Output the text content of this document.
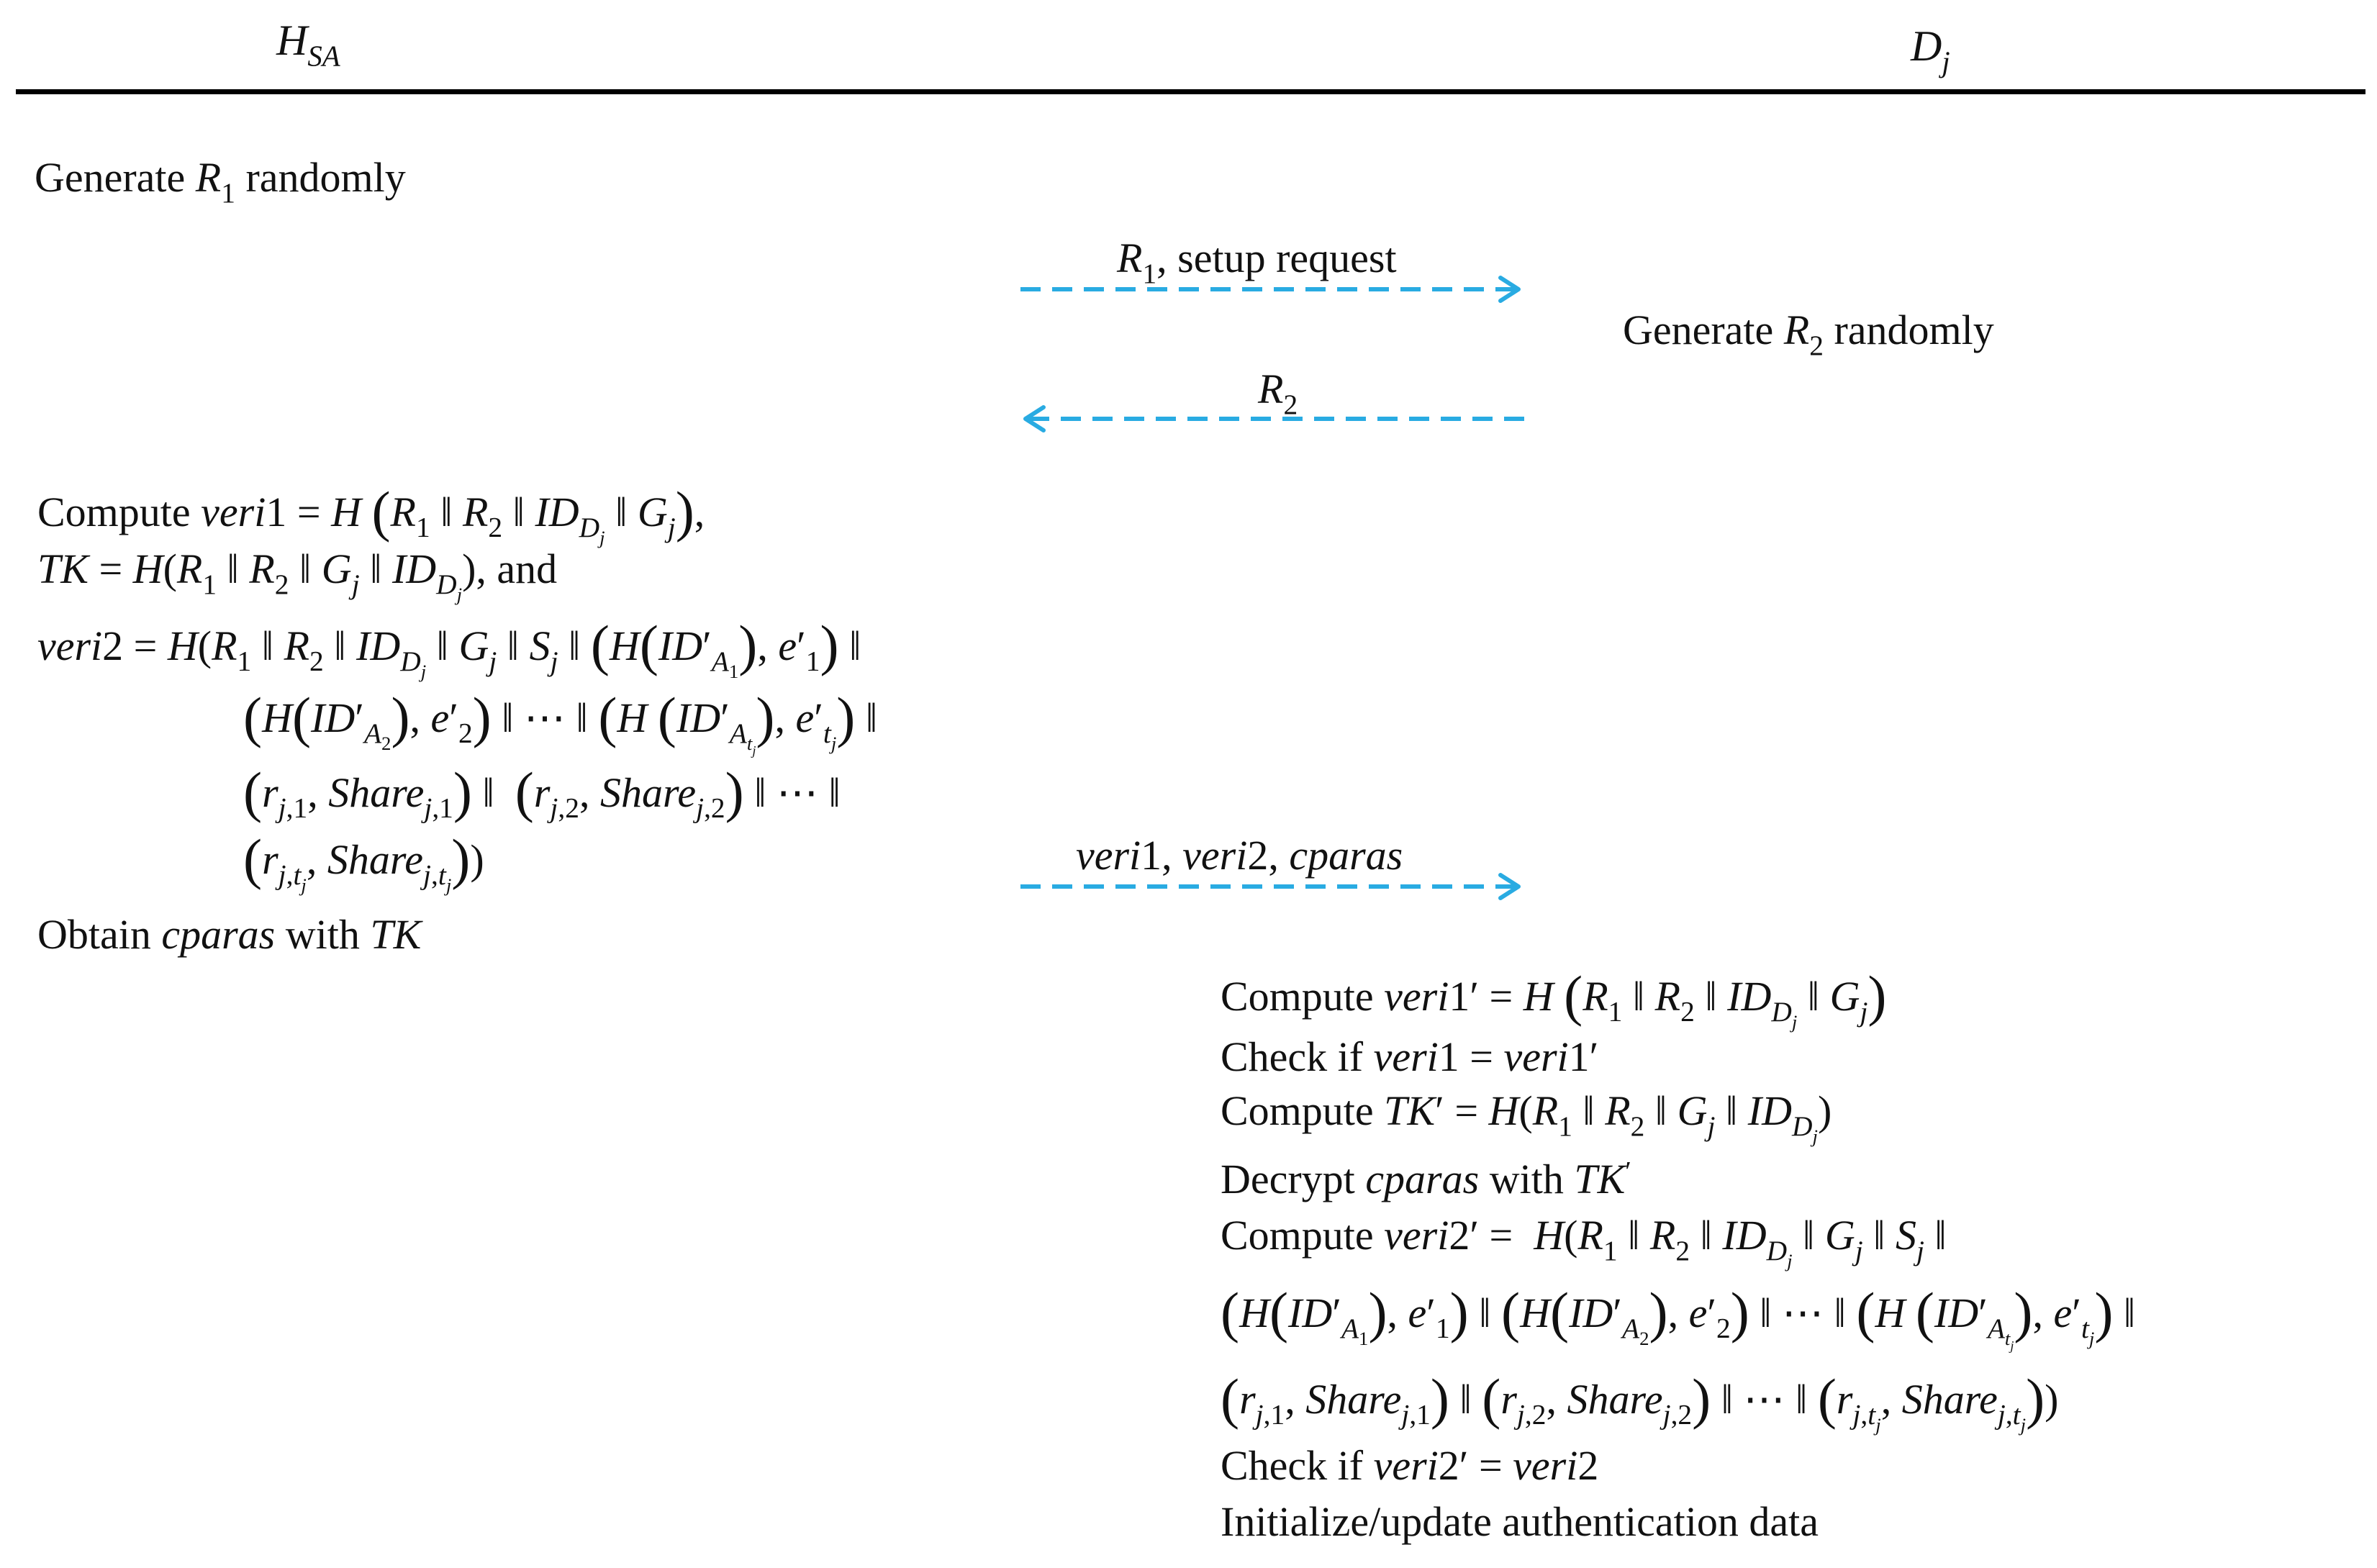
$H_{SA}$	$D_j$
$R_1$, setup request
$R_2$
veri1, veri2, cparas
Generate $R_1$ randomly
Compute veri1 = H ($R_1$ ‖ $R_2$ ‖ $ID_{D_j}$ ‖ $G_j$),
TK = $H(R_1$ ‖ $R_2$ ‖ $G_j$ ‖ $ID_{D_j}$), and
veri2 = $H(R_1$ ‖ $R_2$ ‖ $ID_{D_j}$ ‖ $G_j$ ‖ $S_j$ ‖ ($H(ID'_{A_1})$, $e'_1$) ‖
($H(ID'_{A_2})$, $e'_2$) ‖ ⋯ ‖ (H $(ID'_{A_{t_j}})$, $e'_{t_j}$) ‖
($r_{j,1}$, Share$_{j,1}$) ‖  ($r_{j,2}$, Share$_{j,2}$) ‖ ⋯ ‖
($r_{j,t_j}$, Share$_{j,t_j}$))
Obtain cparas with TK
Generate $R_2$ randomly
Compute veri1′ = H ($R_1$ ‖ $R_2$ ‖ $ID_{D_j}$ ‖ $G_j$)
Check if veri1 = veri1′
Compute $TK' = H(R_1$ ‖ $R_2$ ‖ $G_j$ ‖ $ID_{D_j}$)
Decrypt cparas with TK′
Compute veri2′ =  $H(R_1$ ‖ $R_2$ ‖ $ID_{D_j}$ ‖ $G_j$ ‖ $S_j$ ‖
($H(ID'_{A_1})$, $e'_1$) ‖ ($H(ID'_{A_2})$, $e'_2$) ‖ ⋯ ‖ (H $(ID'_{A_{t_j}})$, $e'_{t_j}$) ‖
($r_{j,1}$, Share$_{j,1}$) ‖ ($r_{j,2}$, Share$_{j,2}$) ‖ ⋯ ‖ ($r_{j,t_j}$, Share$_{j,t_j}$))
Check if veri2′ = veri2
Initialize/update authentication data
